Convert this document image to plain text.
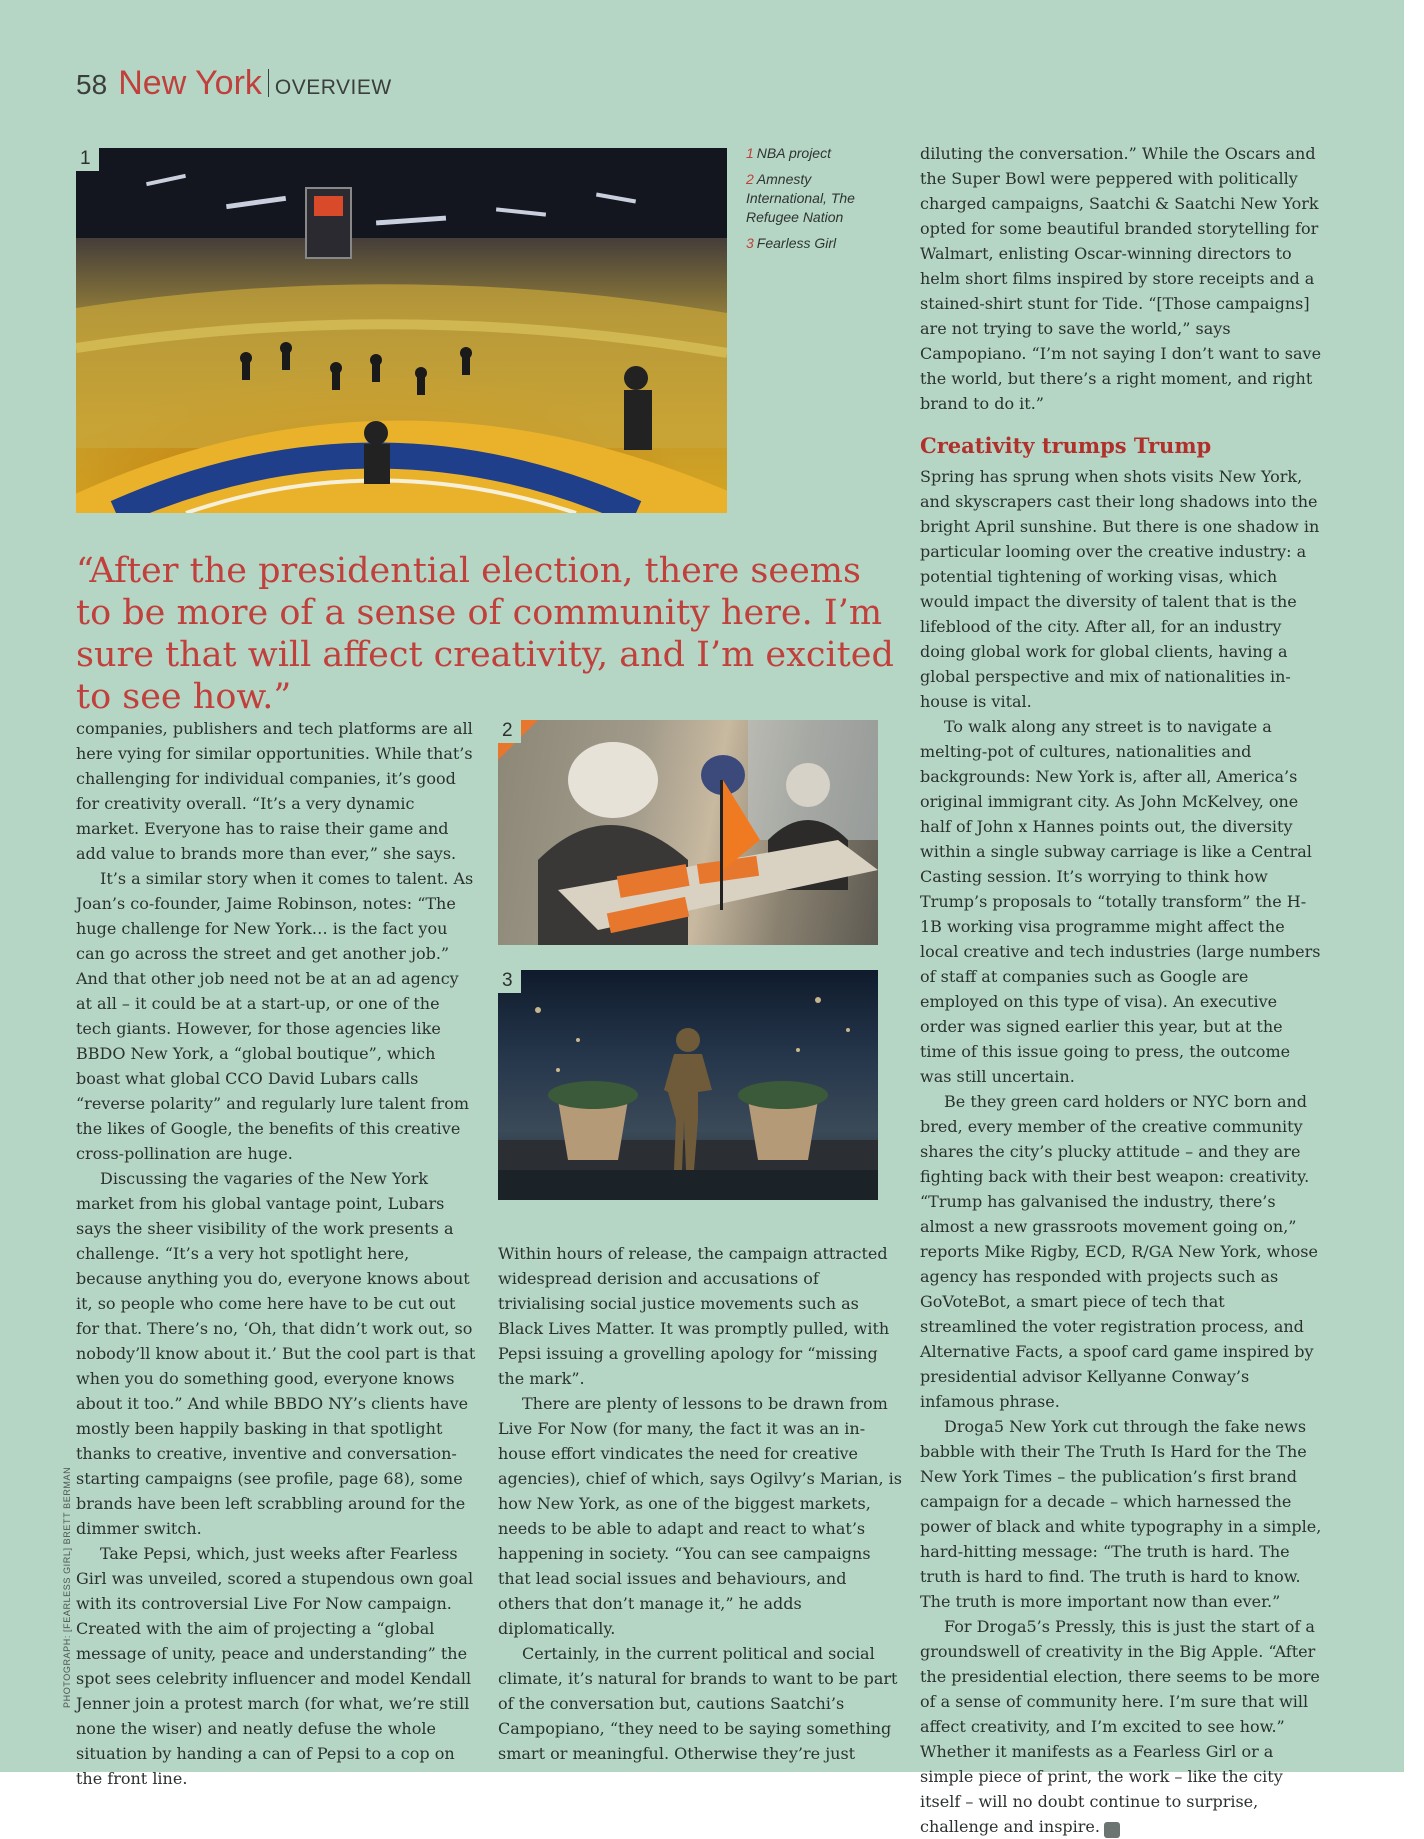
58 New York OVERVIEW
1	1 NBA project
2 Amnesty International, The Refugee Nation
3 Fearless Girl
“After the presidential election, there seems to be more of a sense of community here. I’m sure that will affect creativity, and I’m excited to see how.”
2
3

companies, publishers and tech platforms are all here vying for similar opportunities. While that’s challenging for individual companies, it’s good for creativity overall. “It’s a very dynamic market. Everyone has to raise their game and add value to brands more than ever,” she says.

It’s a similar story when it comes to talent. As Joan’s co-founder, Jaime Robinson, notes: “The huge challenge for New York… is the fact you can go across the street and get another job.” And that other job need not be at an ad agency at all – it could be at a start-up, or one of the tech giants. However, for those agencies like BBDO New York, a “global boutique”, which boast what global CCO David Lubars calls “reverse polarity” and regularly lure talent from the likes of Google, the benefits of this creative cross-pollination are huge.

Discussing the vagaries of the New York market from his global vantage point, Lubars says the sheer visibility of the work presents a challenge. “It’s a very hot spotlight here, because anything you do, everyone knows about it, so people who come here have to be cut out for that. There’s no, ‘Oh, that didn’t work out, so nobody’ll know about it.’ But the cool part is that when you do something good, everyone knows about it too.” And while BBDO NY’s clients have mostly been happily basking in that spotlight thanks to creative, inventive and conversation-starting campaigns (see profile, page 68), some brands have been left scrabbling around for the dimmer switch.

Take Pepsi, which, just weeks after Fearless Girl was unveiled, scored a stupendous own goal with its controversial Live For Now campaign. Created with the aim of projecting a “global message of unity, peace and understanding” the spot sees celebrity influencer and model Kendall Jenner join a protest march (for what, we’re still none the wiser) and neatly defuse the whole situation by handing a can of Pepsi to a cop on the front line.

Within hours of release, the campaign attracted widespread derision and accusations of trivialising social justice movements such as Black Lives Matter. It was promptly pulled, with Pepsi issuing a grovelling apology for “missing the mark”.

There are plenty of lessons to be drawn from Live For Now (for many, the fact it was an in-house effort vindicates the need for creative agencies), chief of which, says Ogilvy’s Marian, is how New York, as one of the biggest markets, needs to be able to adapt and react to what’s happening in society. “You can see campaigns that lead social issues and behaviours, and others that don’t manage it,” he adds diplomatically.

Certainly, in the current political and social climate, it’s natural for brands to want to be part of the conversation but, cautions Saatchi’s Campopiano, “they need to be saying something smart or meaningful. Otherwise they’re just

diluting the conversation.” While the Oscars and the Super Bowl were peppered with politically charged campaigns, Saatchi & Saatchi New York opted for some beautiful branded storytelling for Walmart, enlisting Oscar-winning directors to helm short films inspired by store receipts and a stained-shirt stunt for Tide. “[Those campaigns] are not trying to save the world,” says Campopiano. “I’m not saying I don’t want to save the world, but there’s a right moment, and right brand to do it.”

Creativity trumps Trump

Spring has sprung when shots visits New York, and skyscrapers cast their long shadows into the bright April sunshine. But there is one shadow in particular looming over the creative industry: a potential tightening of working visas, which would impact the diversity of talent that is the lifeblood of the city. After all, for an industry doing global work for global clients, having a global perspective and mix of nationalities in-house is vital.

To walk along any street is to navigate a melting-pot of cultures, nationalities and backgrounds: New York is, after all, America’s original immigrant city. As John McKelvey, one half of John x Hannes points out, the diversity within a single subway carriage is like a Central Casting session. It’s worrying to think how Trump’s proposals to “totally transform” the H-1B working visa programme might affect the local creative and tech industries (large numbers of staff at companies such as Google are employed on this type of visa). An executive order was signed earlier this year, but at the time of this issue going to press, the outcome was still uncertain.

Be they green card holders or NYC born and bred, every member of the creative community shares the city’s plucky attitude – and they are fighting back with their best weapon: creativity. “Trump has galvanised the industry, there’s almost a new grassroots movement going on,” reports Mike Rigby, ECD, R/GA New York, whose agency has responded with projects such as GoVoteBot, a smart piece of tech that streamlined the voter registration process, and Alternative Facts, a spoof card game inspired by presidential advisor Kellyanne Conway’s infamous phrase.

Droga5 New York cut through the fake news babble with their The Truth Is Hard for the The New York Times – the publication’s first brand campaign for a decade – which harnessed the power of black and white typography in a simple, hard-hitting message: “The truth is hard. The truth is hard to find. The truth is hard to know. The truth is more important now than ever.”

For Droga5’s Pressly, this is just the start of a groundswell of creativity in the Big Apple. “After the presidential election, there seems to be more of a sense of community here. I’m sure that will affect creativity, and I’m excited to see how.” Whether it manifests as a Fearless Girl or a simple piece of print, the work – like the city itself – will no doubt continue to surprise, challenge and inspire. S

PHOTOGRAPH: [FEARLESS GIRL] BRETT BERMAN
